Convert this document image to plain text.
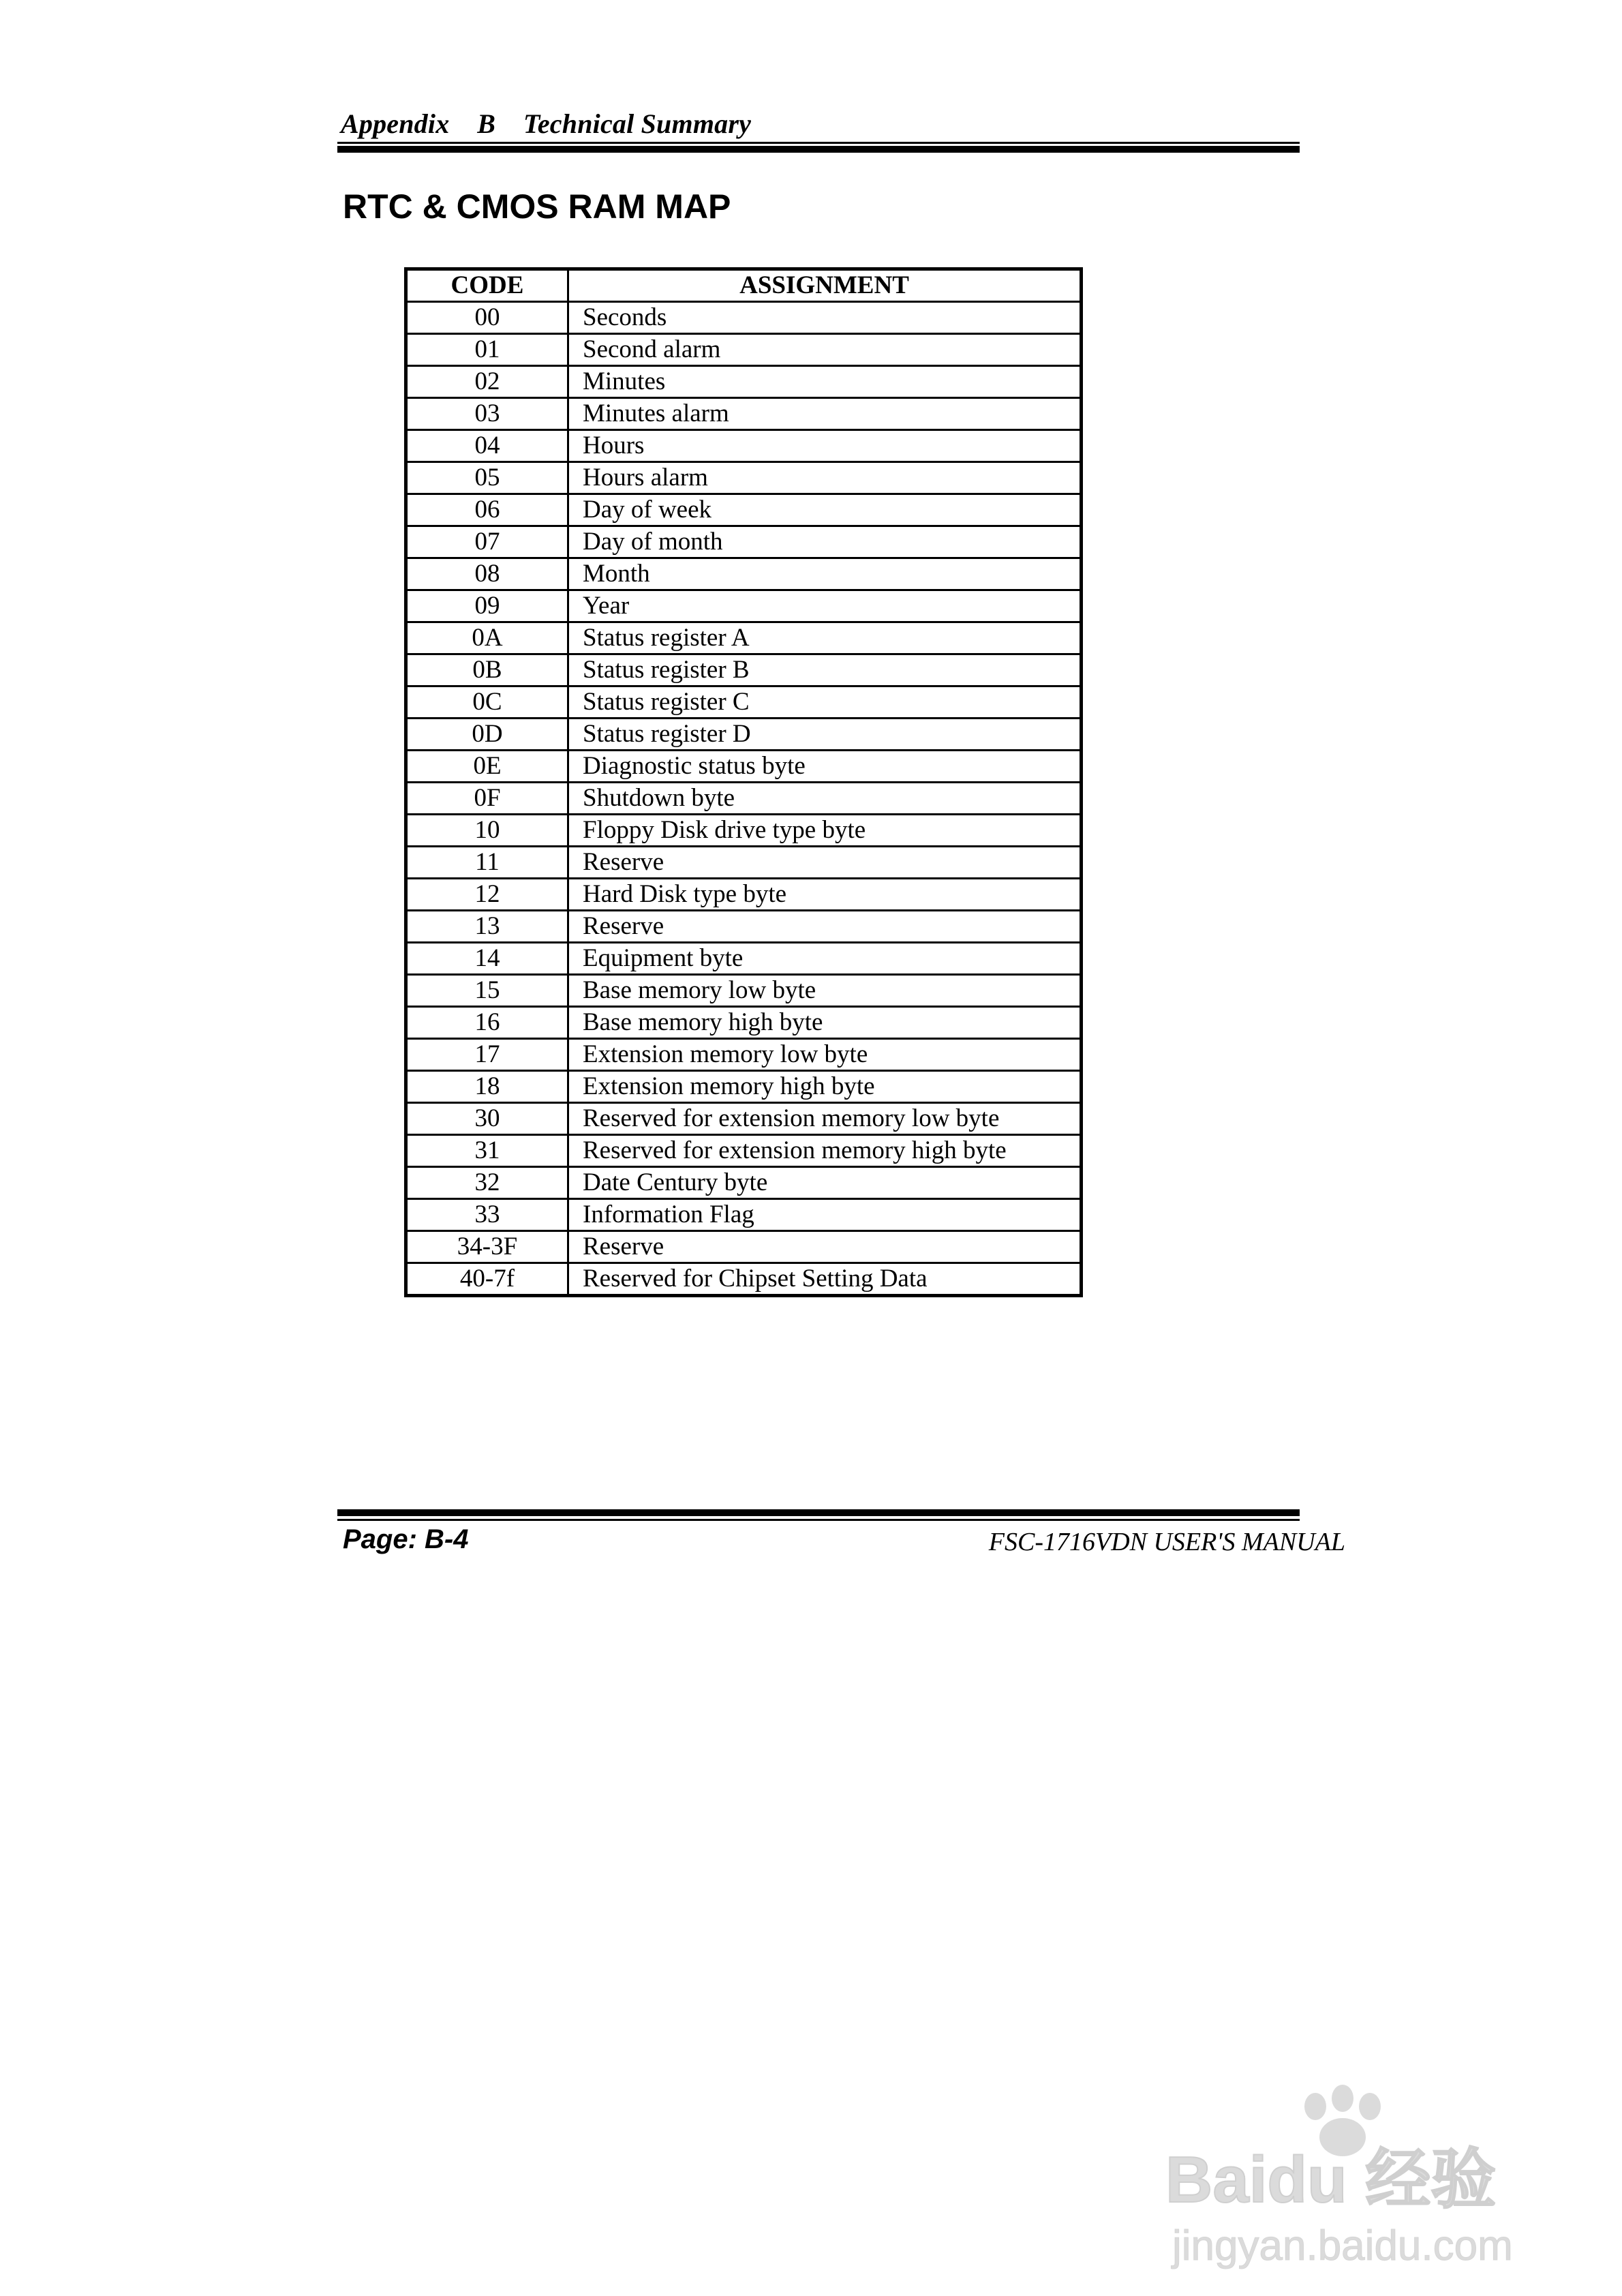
Appendix    B    Technical Summary
RTC & CMOS RAM MAP
CODE	ASSIGNMENT
00	Seconds
01	Second alarm
02	Minutes
03	Minutes alarm
04	Hours
05	Hours alarm
06	Day of week
07	Day of month
08	Month
09	Year
0A	Status register A
0B	Status register B
0C	Status register C
0D	Status register D
0E	Diagnostic status byte
0F	Shutdown byte
10	Floppy Disk drive type byte
11	Reserve
12	Hard Disk type byte
13	Reserve
14	Equipment byte
15	Base memory low byte
16	Base memory high byte
17	Extension memory low byte
18	Extension memory high byte
30	Reserved for extension memory low byte
31	Reserved for extension memory high byte
32	Date Century byte
33	Information Flag
34-3F	Reserve
40-7f	Reserved for Chipset Setting Data
Page: B-4	FSC-1716VDN USER'S MANUAL
Baidu 经验
jingyan.baidu.com
